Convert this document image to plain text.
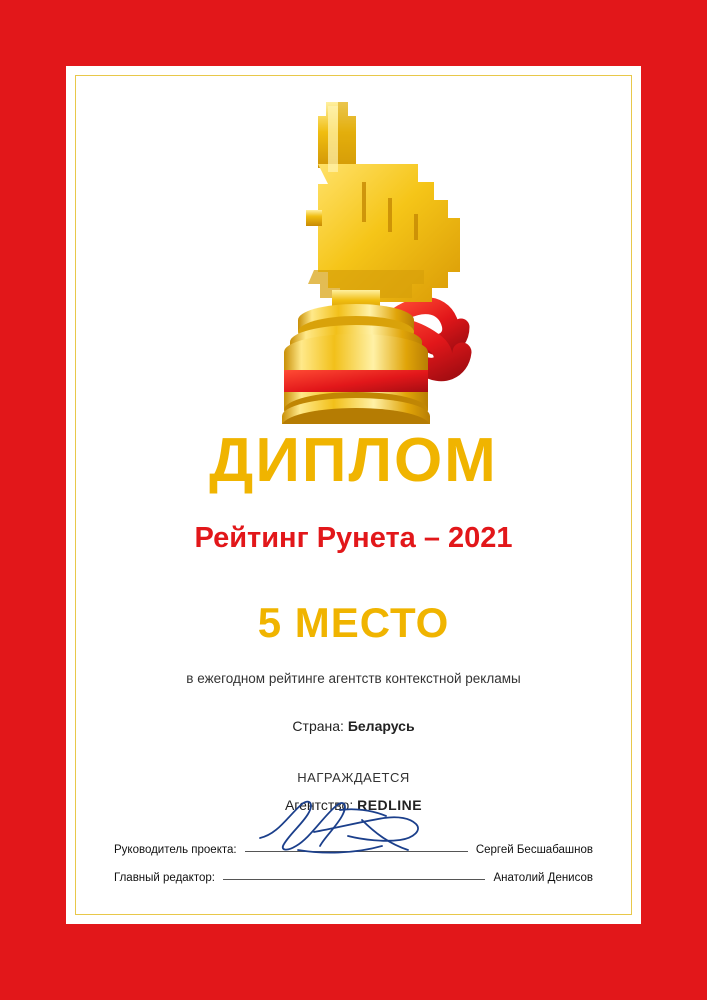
ДИПЛОМ
Рейтинг Рунета – 2021
5 МЕСТО
в ежегодном рейтинге агентств контекстной рекламы
Страна: Беларусь
НАГРАЖДАЕТСЯ
Агентство: REDLINE
Руководитель проекта:	Сергей Бесшабашнов
Главный редактор:	Анатолий Денисов
